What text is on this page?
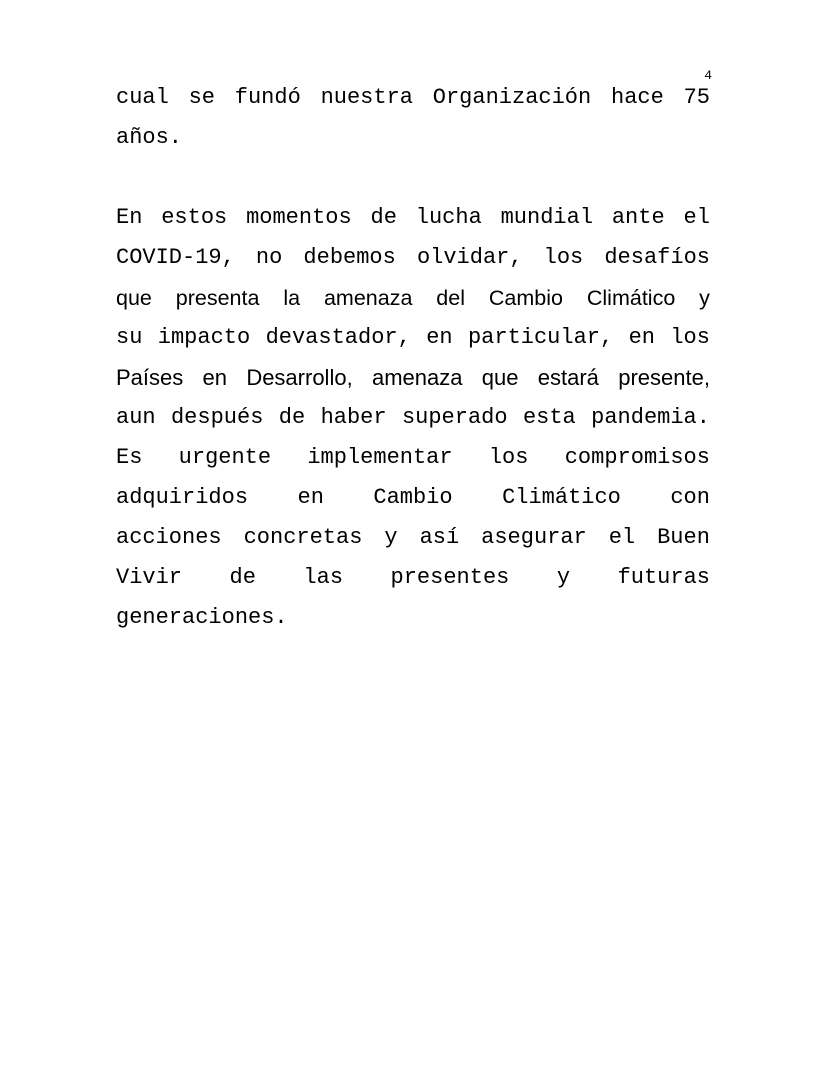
4
cual se fundó nuestra Organización hace 75
años.
En estos momentos de lucha mundial ante el
COVID-19, no debemos olvidar, los desafíos
que presenta la amenaza del Cambio Climático y
su impacto devastador, en particular, en los
Países en Desarrollo, amenaza que estará presente,
aun después de haber superado esta pandemia.
Es urgente implementar los compromisos
adquiridos en Cambio Climático con
acciones concretas y así asegurar el Buen
Vivir de las presentes y futuras
generaciones.
